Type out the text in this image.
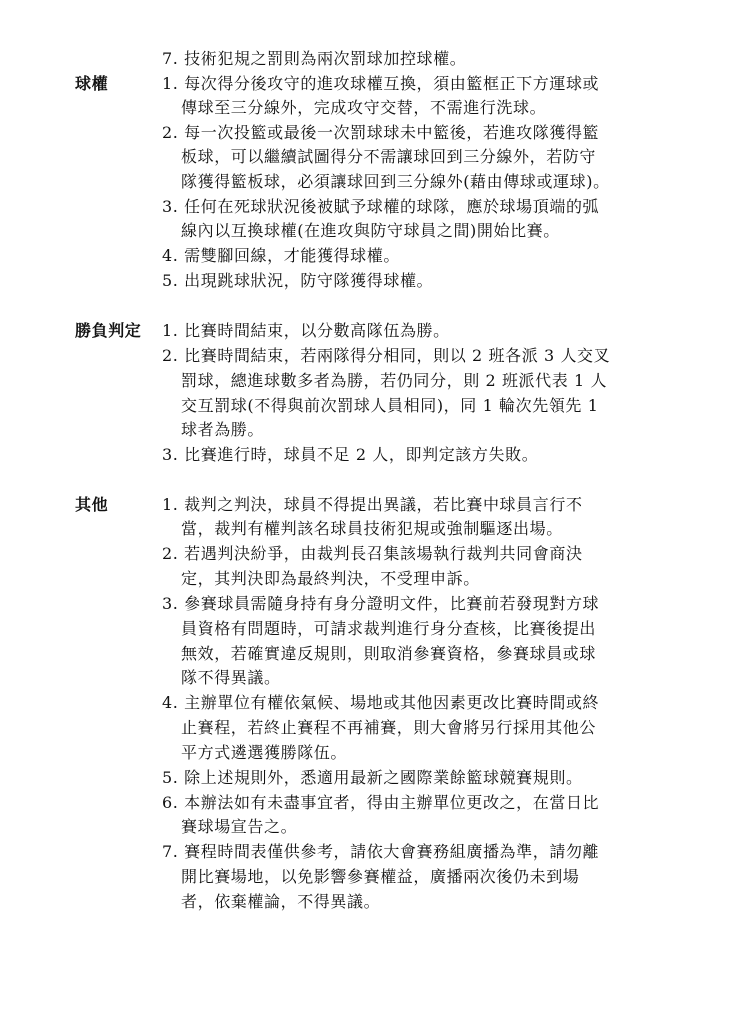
7. 技術犯規之罰則為兩次罰球加控球權。
球權	1. 每次得分後攻守的進攻球權互換，須由籃框正下方運球或
傳球至三分線外，完成攻守交替，不需進行洗球。
2. 每一次投籃或最後一次罰球球未中籃後，若進攻隊獲得籃
板球，可以繼續試圖得分不需讓球回到三分線外，若防守
隊獲得籃板球，必須讓球回到三分線外(藉由傳球或運球)。
3. 任何在死球狀況後被賦予球權的球隊，應於球場頂端的弧
線內以互換球權(在進攻與防守球員之間)開始比賽。
4. 需雙腳回線，才能獲得球權。
5. 出現跳球狀況，防守隊獲得球權。
勝負判定 1. 比賽時間結束，以分數高隊伍為勝。
2. 比賽時間結束，若兩隊得分相同，則以 2 班各派 3 人交叉
罰球，總進球數多者為勝，若仍同分，則 2 班派代表 1 人
交互罰球(不得與前次罰球人員相同)，同 1 輪次先領先 1
球者為勝。
3. 比賽進行時，球員不足 2 人，即判定該方失敗。
其他	1. 裁判之判決，球員不得提出異議，若比賽中球員言行不
當，裁判有權判該名球員技術犯規或強制驅逐出場。
2. 若遇判決紛爭，由裁判長召集該場執行裁判共同會商決
定，其判決即為最終判決，不受理申訴。
3. 參賽球員需隨身持有身分證明文件，比賽前若發現對方球
員資格有問題時，可請求裁判進行身分查核，比賽後提出
無效，若確實違反規則，則取消參賽資格，參賽球員或球
隊不得異議。
4. 主辦單位有權依氣候、場地或其他因素更改比賽時間或終
止賽程，若終止賽程不再補賽，則大會將另行採用其他公
平方式遴選獲勝隊伍。
5. 除上述規則外，悉適用最新之國際業餘籃球競賽規則。
6. 本辦法如有未盡事宜者，得由主辦單位更改之，在當日比
賽球場宣告之。
7. 賽程時間表僅供參考，請依大會賽務組廣播為準，請勿離
開比賽場地，以免影響參賽權益，廣播兩次後仍未到場
者，依棄權論，不得異議。
